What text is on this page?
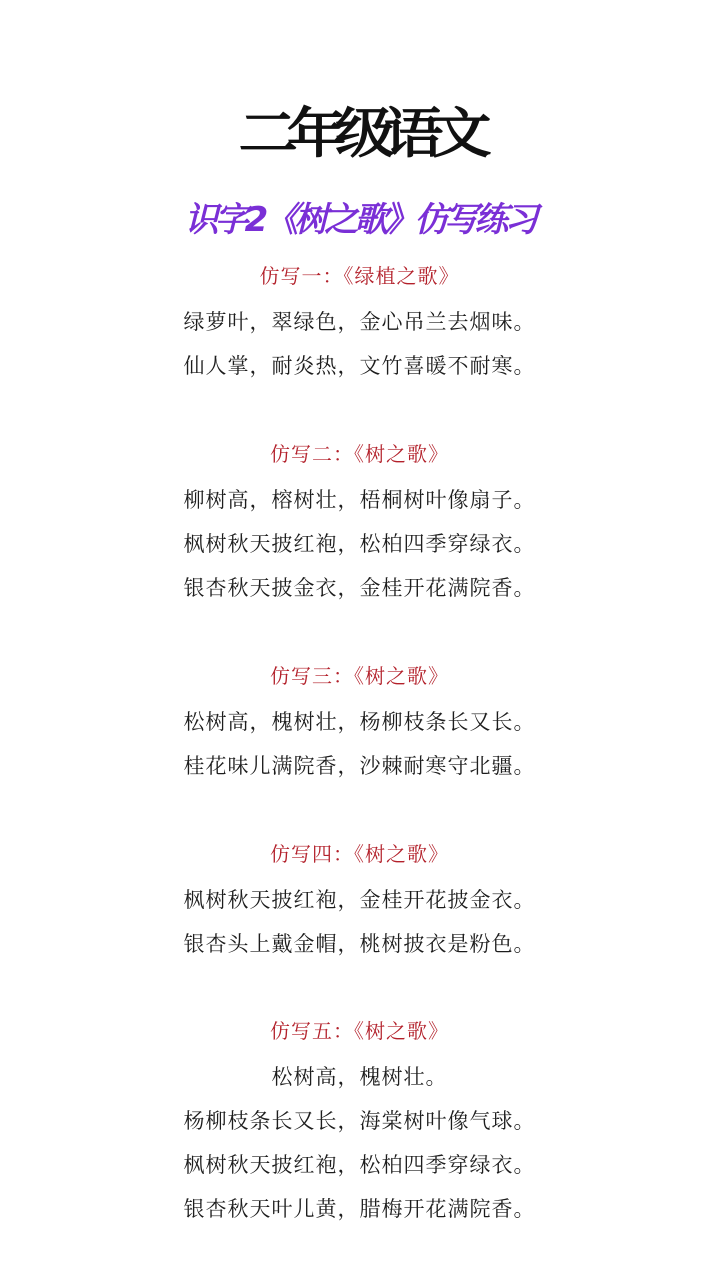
二年级语文
识字2《树之歌》仿写练习
仿写一：《绿植之歌》
绿萝叶，翠绿色，金心吊兰去烟味。
仙人掌，耐炎热，文竹喜暖不耐寒。
仿写二：《树之歌》
柳树高，榕树壮，梧桐树叶像扇子。
枫树秋天披红袍，松柏四季穿绿衣。
银杏秋天披金衣，金桂开花满院香。
仿写三：《树之歌》
松树高，槐树壮，杨柳枝条长又长。
桂花味儿满院香，沙棘耐寒守北疆。
仿写四：《树之歌》
枫树秋天披红袍，金桂开花披金衣。
银杏头上戴金帽，桃树披衣是粉色。
仿写五：《树之歌》
松树高，槐树壮。
杨柳枝条长又长，海棠树叶像气球。
枫树秋天披红袍，松柏四季穿绿衣。
银杏秋天叶儿黄，腊梅开花满院香。
